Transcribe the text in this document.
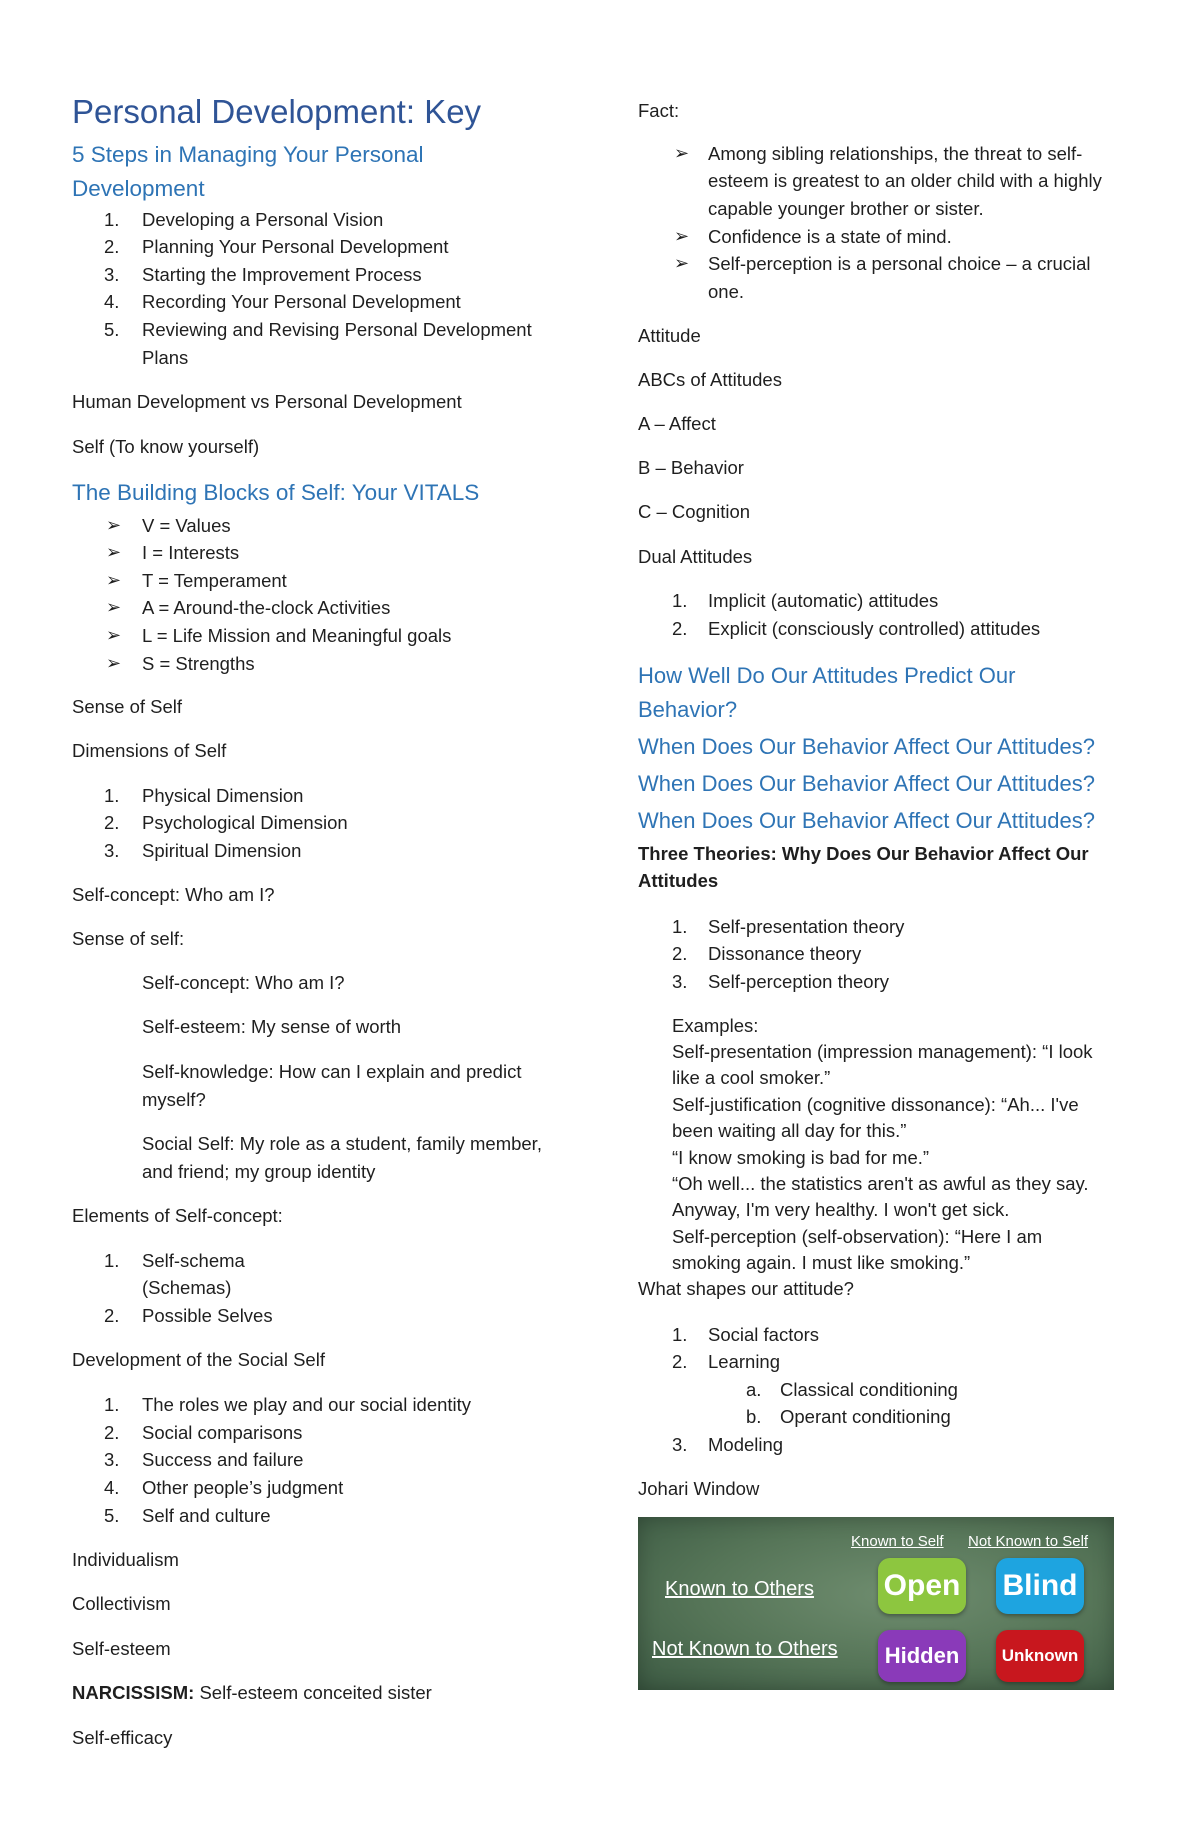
Personal Development: Key
5 Steps in Managing Your Personal
Development
1. Developing a Personal Vision
2. Planning Your Personal Development
3. Starting the Improvement Process
4. Recording Your Personal Development
5. Reviewing and Revising Personal Development
Plans
Human Development vs Personal Development
Self (To know yourself)
The Building Blocks of Self: Your VITALS
➢ V = Values
➢ I = Interests
➢ T = Temperament
➢ A = Around-the-clock Activities
➢ L = Life Mission and Meaningful goals
➢ S = Strengths
Sense of Self
Dimensions of Self
1. Physical Dimension
2. Psychological Dimension
3. Spiritual Dimension
Self-concept: Who am I?
Sense of self:
Self-concept: Who am I?
Self-esteem: My sense of worth
Self-knowledge: How can I explain and predict
myself?
Social Self: My role as a student, family member,
and friend; my group identity
Elements of Self-concept:
1. Self-schema
(Schemas)
2. Possible Selves
Development of the Social Self
1. The roles we play and our social identity
2. Social comparisons
3. Success and failure
4. Other people’s judgment
5. Self and culture
Individualism
Collectivism
Self-esteem
NARCISSISM: Self-esteem conceited sister
Self-efficacy
Fact:
➢ Among sibling relationships, the threat to self-
esteem is greatest to an older child with a highly
capable younger brother or sister.
➢ Confidence is a state of mind.
➢ Self-perception is a personal choice – a crucial
one.
Attitude
ABCs of Attitudes
A – Affect
B – Behavior
C – Cognition
Dual Attitudes
1. Implicit (automatic) attitudes
2. Explicit (consciously controlled) attitudes
How Well Do Our Attitudes Predict Our
Behavior?
When Does Our Behavior Affect Our Attitudes?
When Does Our Behavior Affect Our Attitudes?
When Does Our Behavior Affect Our Attitudes?
Three Theories: Why Does Our Behavior Affect Our
Attitudes
1. Self-presentation theory
2. Dissonance theory
3. Self-perception theory
Examples:
Self-presentation (impression management): “I look
like a cool smoker.”
Self-justification (cognitive dissonance): “Ah... I've
been waiting all day for this.”
“I know smoking is bad for me.”
“Oh well... the statistics aren't as awful as they say.
Anyway, I'm very healthy. I won't get sick.
Self-perception (self-observation): “Here I am
smoking again. I must like smoking.”
What shapes our attitude?
1. Social factors
2. Learning
a. Classical conditioning
b. Operant conditioning
3. Modeling
Johari Window
Known to Self Not Known to Self
Known to Others
Not Known to Others
Open Blind
Hidden	Unknown
